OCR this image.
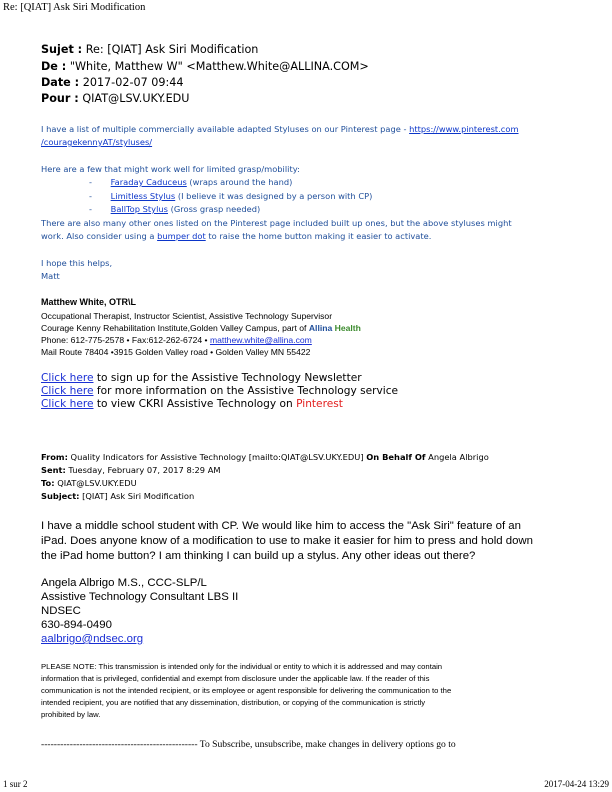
Re: [QIAT] Ask Siri Modification
Sujet : Re: [QIAT] Ask Siri Modification
De : "White, Matthew W" <Matthew.White@ALLINA.COM>
Date : 2017-02-07 09:44
Pour : QIAT@LSV.UKY.EDU
I have a list of multiple commercially available adapted Styluses on our Pinterest page - https://www.pinterest.com
/couragekennyAT/styluses/
Here are a few that might work well for limited grasp/mobility:
- Faraday Caduceus (wraps around the hand)
- Limitless Stylus (I believe it was designed by a person with CP)
- BallTop Stylus (Gross grasp needed)
There are also many other ones listed on the Pinterest page included built up ones, but the above styluses might
work. Also consider using a bumper dot to raise the home button making it easier to activate.
I hope this helps,
Matt
Matthew White, OTR\L
Occupational Therapist, Instructor Scientist, Assistive Technology Supervisor
Courage Kenny Rehabilitation Institute,Golden Valley Campus, part of Allina Health
Phone: 612-775-2578 • Fax:612-262-6724 • matthew.white@allina.com
Mail Route 78404 •3915 Golden Valley road • Golden Valley MN 55422
Click here to sign up for the Assistive Technology Newsletter
Click here for more information on the Assistive Technology service
Click here to view CKRI Assistive Technology on Pinterest
From: Quality Indicators for Assistive Technology [mailto:QIAT@LSV.UKY.EDU] On Behalf Of Angela Albrigo
Sent: Tuesday, February 07, 2017 8:29 AM
To: QIAT@LSV.UKY.EDU
Subject: [QIAT] Ask Siri Modification
I have a middle school student with CP. We would like him to access the "Ask Siri" feature of an
iPad. Does anyone know of a modification to use to make it easier for him to press and hold down
the iPad home button? I am thinking I can build up a stylus. Any other ideas out there?
Angela Albrigo M.S., CCC-SLP/L
Assistive Technology Consultant LBS II
NDSEC
630-894-0490
aalbrigo@ndsec.org
PLEASE NOTE: This transmission is intended only for the individual or entity to which it is addressed and may contain
information that is privileged, confidential and exempt from disclosure under the applicable law. If the reader of this
communication is not the intended recipient, or its employee or agent responsible for delivering the communication to the
intended recipient, you are notified that any dissemination, distribution, or copying of the communication is strictly
prohibited by law.
------------------------------------------------- To Subscribe, unsubscribe, make changes in delivery options go to
1 sur 2	2017-04-24 13:29
